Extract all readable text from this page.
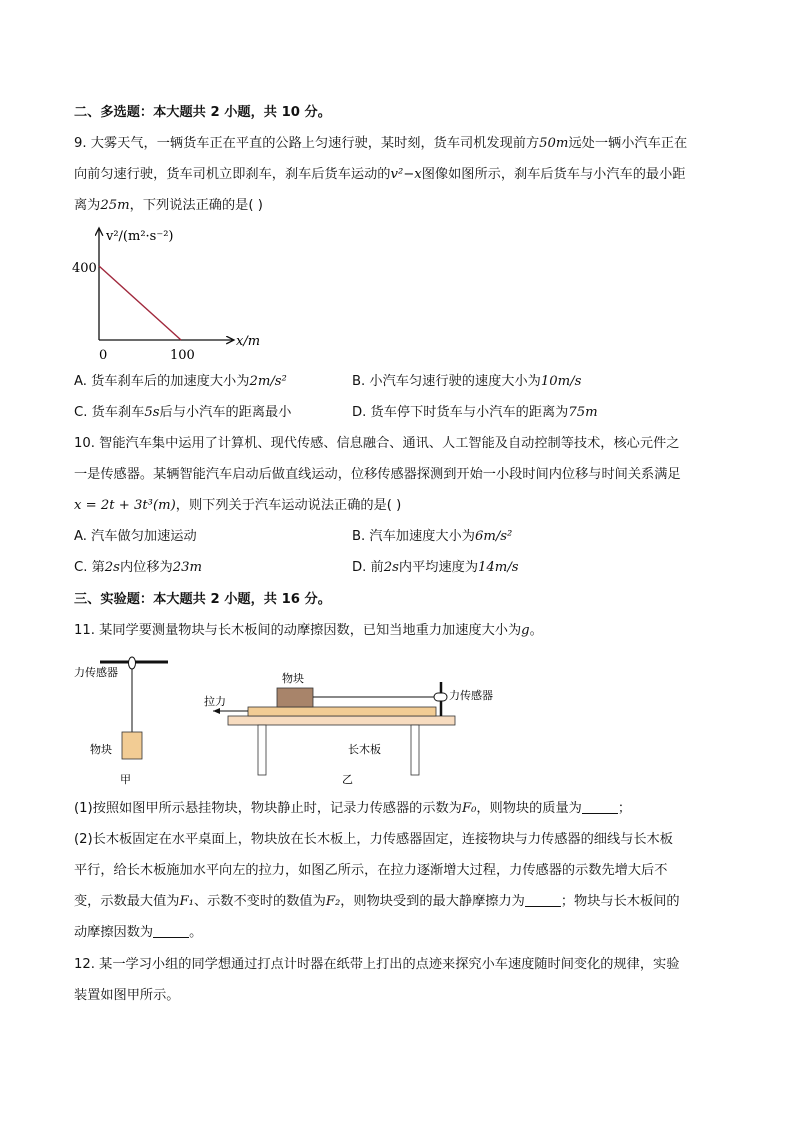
二、多选题：本大题共 2 小题，共 10 分。
9. 大雾天气，一辆货车正在平直的公路上匀速行驶，某时刻，货车司机发现前方50m远处一辆小汽车正在
向前匀速行驶，货车司机立即刹车，刹车后货车运动的v²−x图像如图所示，刹车后货车与小汽车的最小距
离为25m，下列说法正确的是( )
v²/(m²·s⁻²)
x/m
400
100
0
A. 货车刹车后的加速度大小为2m/s²	B. 小汽车匀速行驶的速度大小为10m/s
C. 货车刹车5s后与小汽车的距离最小	D. 货车停下时货车与小汽车的距离为75m
10. 智能汽车集中运用了计算机、现代传感、信息融合、通讯、人工智能及自动控制等技术，核心元件之
一是传感器。某辆智能汽车启动后做直线运动，位移传感器探测到开始一小段时间内位移与时间关系满足
x = 2t + 3t³(m)，则下列关于汽车运动说法正确的是( )
A. 汽车做匀加速运动	B. 汽车加速度大小为6m/s²
C. 第2s内位移为23m	D. 前2s内平均速度为14m/s
三、实验题：本大题共 2 小题，共 16 分。
11. 某同学要测量物块与长木板间的动摩擦因数，已知当地重力加速度大小为g。
力传感器
物块
甲
拉力
物块
力传感器
长木板
乙
(1)按照如图甲所示悬挂物块，物块静止时，记录力传感器的示数为F₀，则物块的质量为	；
(2)长木板固定在水平桌面上，物块放在长木板上，力传感器固定，连接物块与力传感器的细线与长木板
平行，给长木板施加水平向左的拉力，如图乙所示，在拉力逐渐增大过程，力传感器的示数先增大后不
变，示数最大值为F₁、示数不变时的数值为F₂，则物块受到的最大静摩擦力为	；物块与长木板间的
动摩擦因数为	。
12. 某一学习小组的同学想通过打点计时器在纸带上打出的点迹来探究小车速度随时间变化的规律，实验
装置如图甲所示。
